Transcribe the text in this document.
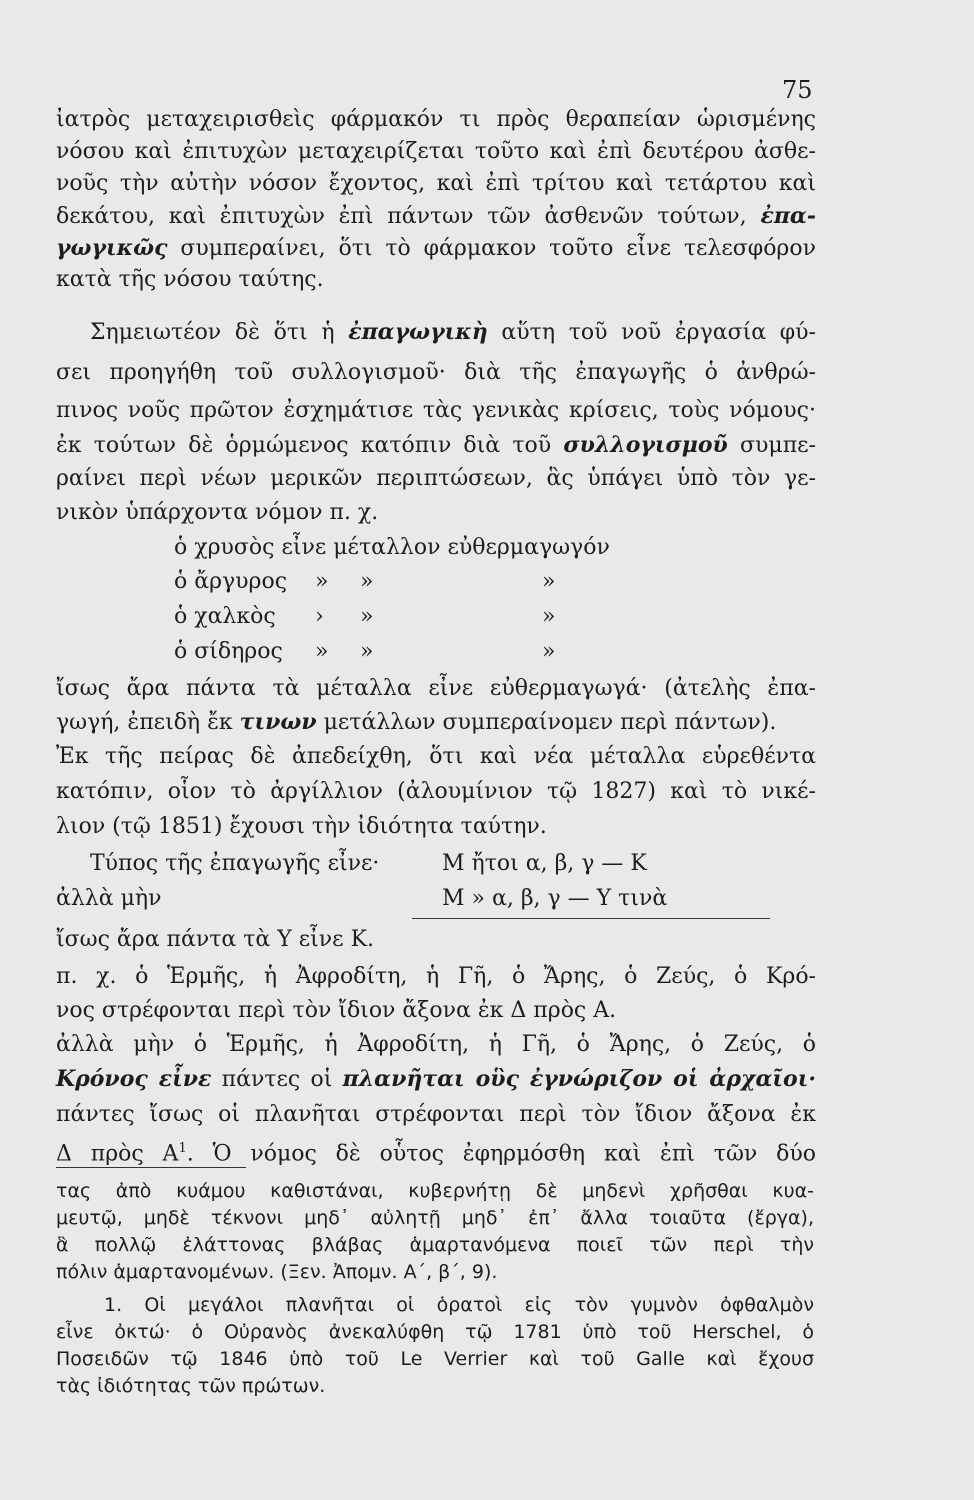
75
ἰατρὸς μεταχειρισθεὶς φάρμακόν τι πρὸς θεραπείαν ὡρισμένης
νόσου καὶ ἐπιτυχὼν μεταχειρίζεται τοῦτο καὶ ἐπὶ δευτέρου ἀσθε-
νοῦς τὴν αὐτὴν νόσον ἔχοντος, καὶ ἐπὶ τρίτου καὶ τετάρτου καὶ
δεκάτου, καὶ ἐπιτυχὼν ἐπὶ πάντων τῶν ἀσθενῶν τούτων, ἐπα-
γωγικῶς συμπεραίνει, ὅτι τὸ φάρμακον τοῦτο εἶνε τελεσφόρον
κατὰ τῆς νόσου ταύτης.
Σημειωτέον δὲ ὅτι ἡ ἐπαγωγικὴ αὕτη τοῦ νοῦ ἐργασία φύ-
σει προηγήθη τοῦ συλλογισμοῦ· διὰ τῆς ἐπαγωγῆς ὁ ἀνθρώ-
πινος νοῦς πρῶτον ἐσχημάτισε τὰς γενικὰς κρίσεις, τοὺς νόμους·
ἐκ τούτων δὲ ὁρμώμενος κατόπιν διὰ τοῦ συλλογισμοῦ συμπε-
ραίνει περὶ νέων μερικῶν περιπτώσεων, ἃς ὑπάγει ὑπὸ τὸν γε-
νικὸν ὑπάρχοντα νόμον π. χ.
ὁ χρυσὸς εἶνε μέταλλον εὐθερμαγωγόν
ὁ ἄργυρος » »	»
ὁ χαλκὸς › »	»
ὁ σίδηρος » »	»
ἴσως ἄρα πάντα τὰ μέταλλα εἶνε εὐθερμαγωγά· (ἀτελὴς ἐπα-
γωγή, ἐπειδὴ ἔκ τινων μετάλλων συμπεραίνομεν περὶ πάντων).
Ἐκ τῆς πείρας δὲ ἀπεδείχθη, ὅτι καὶ νέα μέταλλα εὑρεθέντα
κατόπιν, οἷον τὸ ἀργίλλιον (ἀλουμίνιον τῷ 1827) καὶ τὸ νικέ-
λιον (τῷ 1851) ἔχουσι τὴν ἰδιότητα ταύτην.
Τύπος τῆς ἐπαγωγῆς εἶνε·	Μ ἤτοι α, β, γ — Κ
ἀλλὰ μὴν	Μ » α, β, γ — Υ τινὰ
ἴσως ἄρα πάντα τὰ Υ εἶνε Κ.
π. χ. ὁ Ἑρμῆς, ἡ Ἀφροδίτη, ἡ Γῆ, ὁ Ἄρης, ὁ Ζεύς, ὁ Κρό-
νος στρέφονται περὶ τὸν ἴδιον ἄξονα ἐκ Δ πρὸς Α.
ἀλλὰ μὴν ὁ Ἑρμῆς, ἡ Ἀφροδίτη, ἡ Γῆ, ὁ Ἄρης, ὁ Ζεύς, ὁ
Κρόνος εἶνε πάντες οἱ πλανῆται οὓς ἐγνώριζον οἱ ἀρχαῖοι·
πάντες ἴσως οἱ πλανῆται στρέφονται περὶ τὸν ἴδιον ἄξονα ἐκ
Δ πρὸς $A^1$. Ὁ νόμος δὲ οὗτος ἐφηρμόσθη καὶ ἐπὶ τῶν δύο
τας ἀπὸ κυάμου καθιστάναι, κυβερνήτῃ δὲ μηδενὶ χρῆσθαι κυα-
μευτῷ, μηδὲ τέκνονι μηδ᾽ αὐλητῇ μηδ᾽ ἐπ᾽ ἄλλα τοιαῦτα (ἔργα),
ἃ πολλῷ ἐλάττονας βλάβας ἁμαρτανόμενα ποιεῖ τῶν περὶ τὴν
πόλιν ἁμαρτανομένων. (Ξεν. Ἀπομν. Α΄, β΄, 9).
1. Οἱ μεγάλοι πλανῆται οἱ ὁρατοὶ εἰς τὸν γυμνὸν ὀφθαλμὸν
εἶνε ὀκτώ· ὁ Οὐρανὸς ἀνεκαλύφθη τῷ 1781 ὑπὸ τοῦ Herschel, ὁ
Ποσειδῶν τῷ 1846 ὑπὸ τοῦ Le Verrier καὶ τοῦ Galle καὶ ἔχουσ
τὰς ἰδιότητας τῶν πρώτων.
